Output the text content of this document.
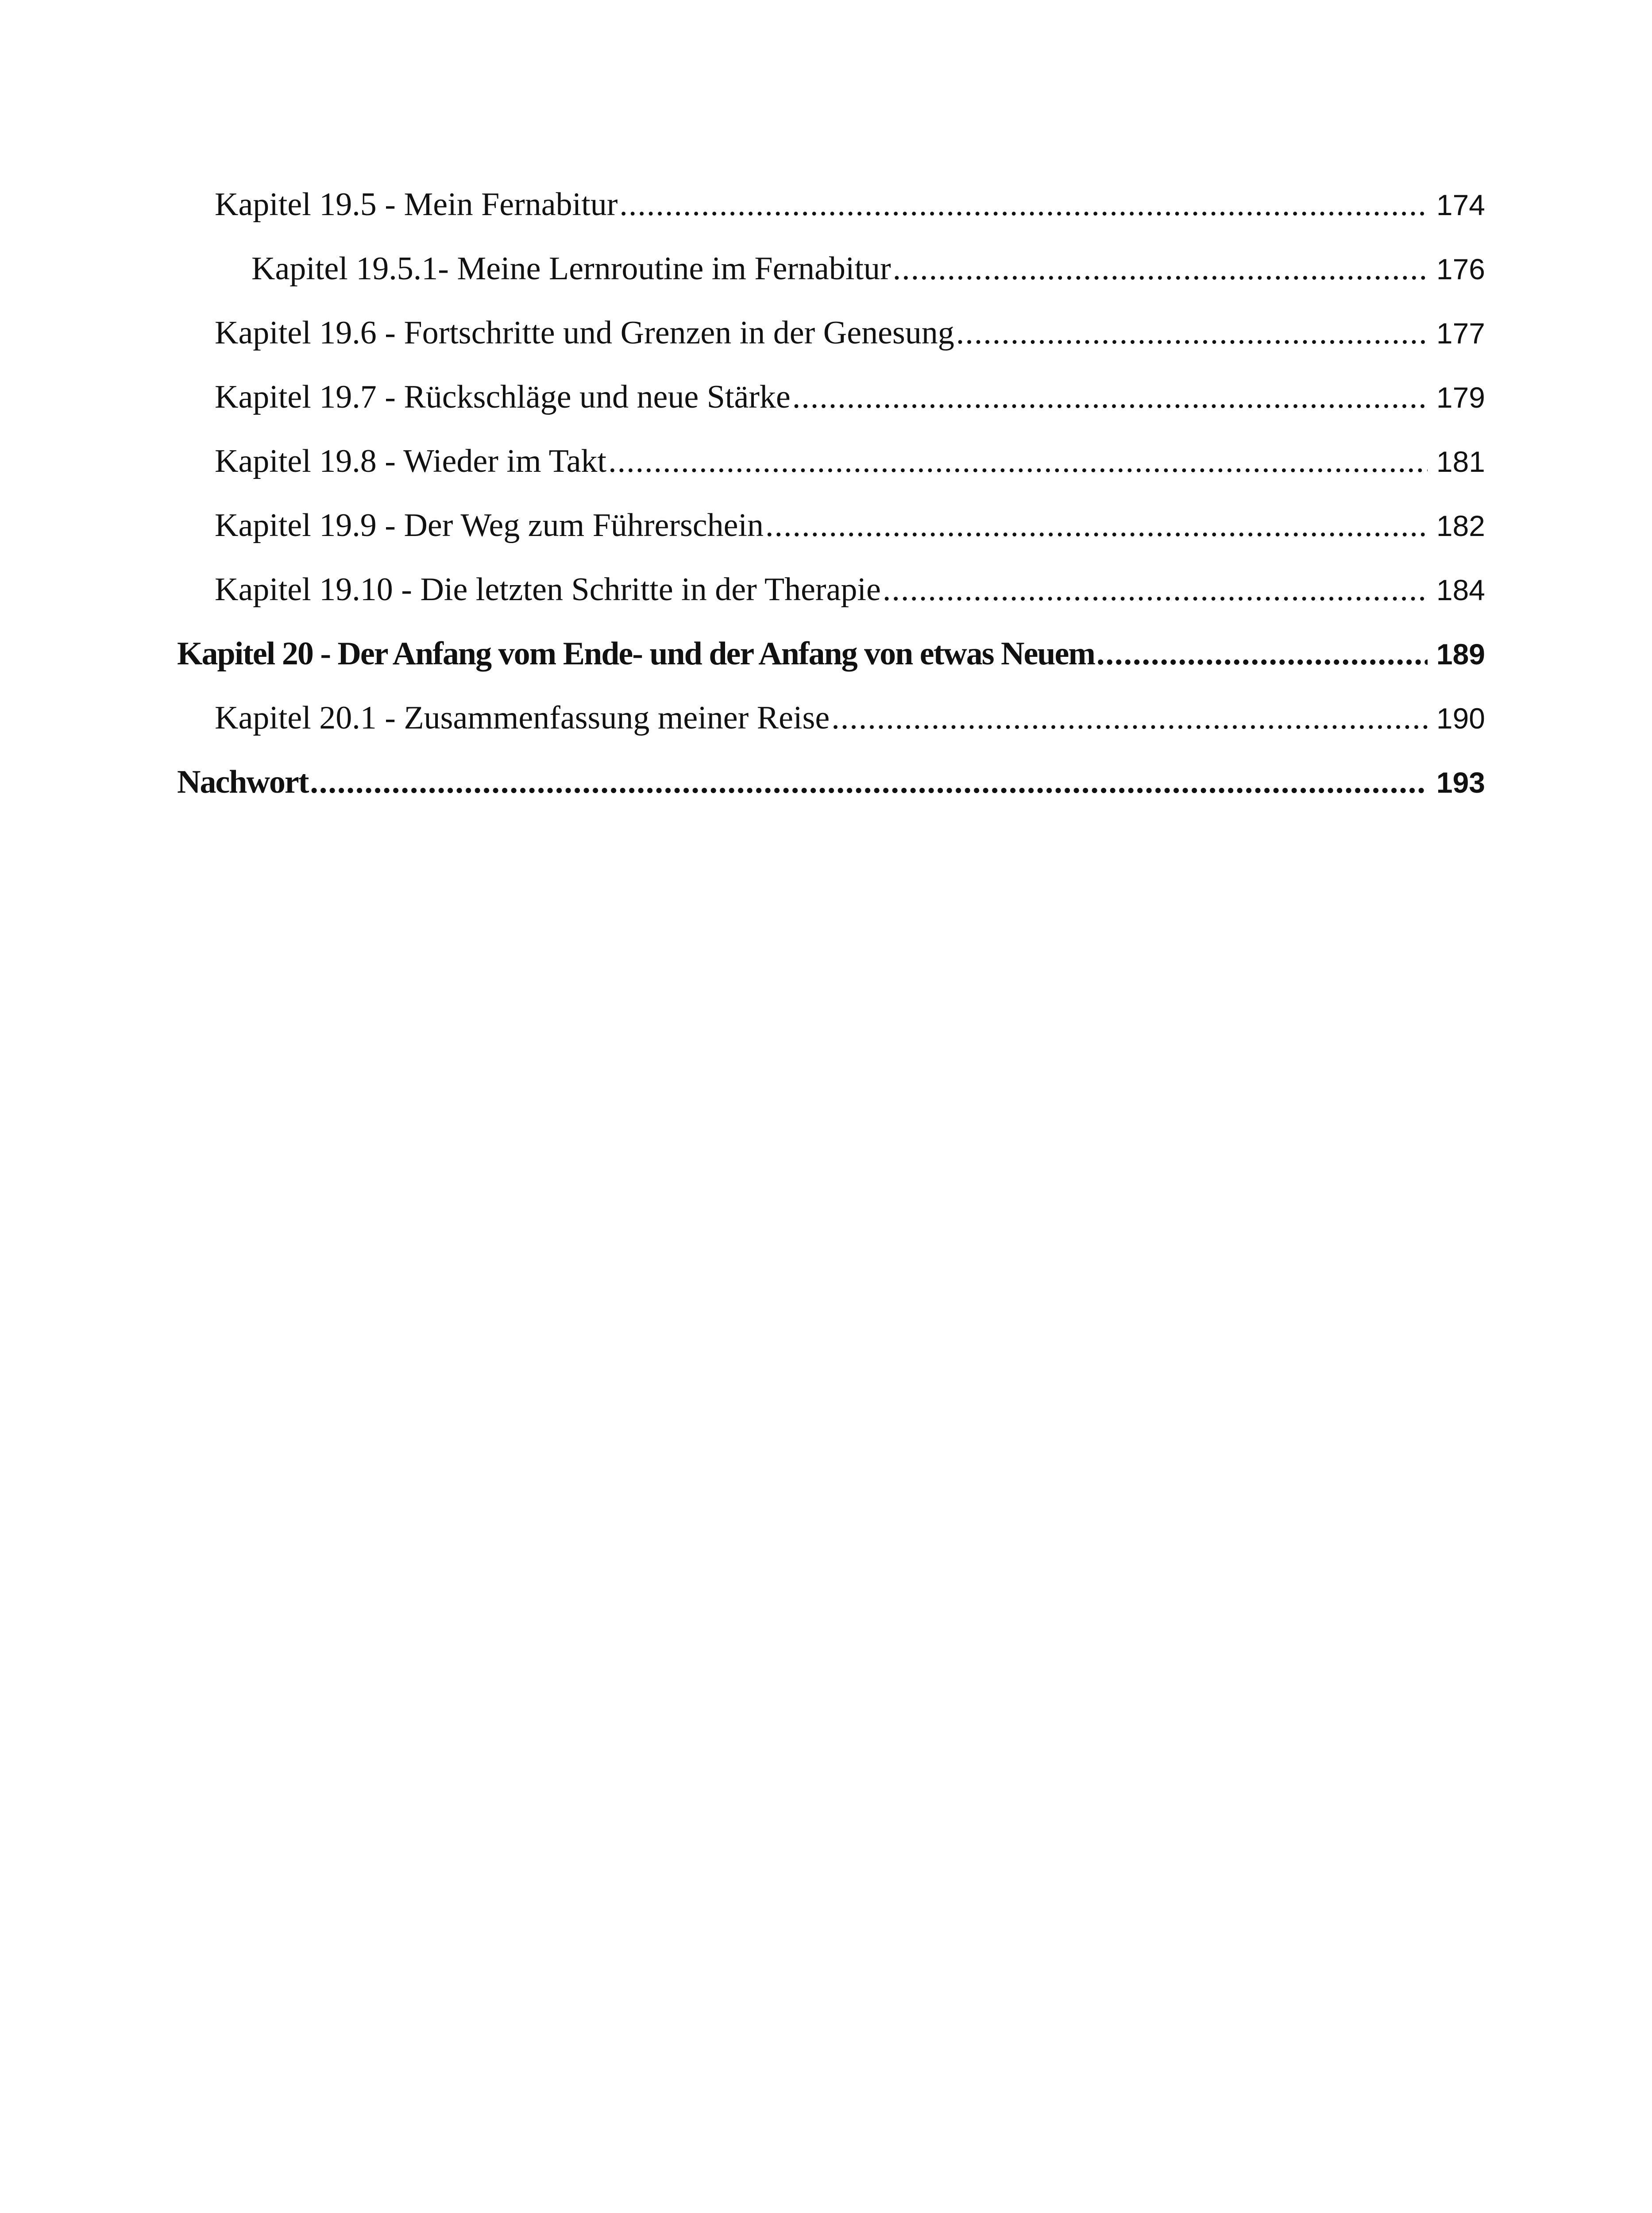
Kapitel 19.5 - Mein Fernabitur .....	174
Kapitel 19.5.1- Meine Lernroutine im Fernabitur .....	176
Kapitel 19.6 - Fortschritte und Grenzen in der Genesung .....	177
Kapitel 19.7 - Rückschläge und neue Stärke .....	179
Kapitel 19.8 - Wieder im Takt .....	181
Kapitel 19.9 - Der Weg zum Führerschein .....	182
Kapitel 19.10 - Die letzten Schritte in der Therapie .....	184
Kapitel 20 - Der Anfang vom Ende- und der Anfang von etwas Neuem .....	189
Kapitel 20.1 - Zusammenfassung meiner Reise .....	190
Nachwort .....	193
